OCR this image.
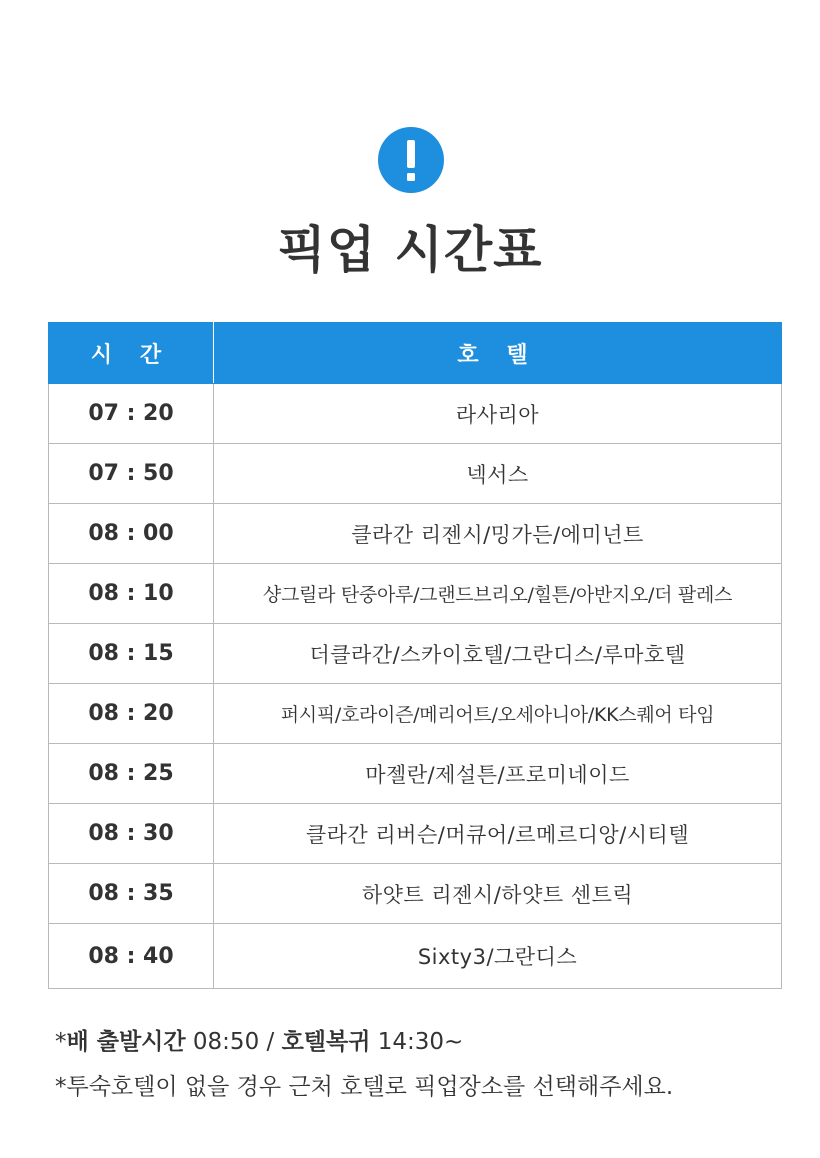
픽업 시간표
시 간	호 텔
07 : 20	라사리아
07 : 50	넥서스
08 : 00	클라간 리젠시/밍가든/에미넌트
08 : 10	샹그릴라 탄중아루/그랜드브리오/힐튼/아반지오/더 팔레스
08 : 15	더클라간/스카이호텔/그란디스/루마호텔
08 : 20	퍼시픽/호라이즌/메리어트/오세아니아/KK스퀘어 타임
08 : 25	마젤란/제설튼/프로미네이드
08 : 30	클라간 리버슨/머큐어/르메르디앙/시티텔
08 : 35	하얏트 리젠시/하얏트 센트릭
08 : 40	Sixty3/그란디스
*배 출발시간 08:50 / 호텔복귀 14:30~
*투숙호텔이 없을 경우 근처 호텔로 픽업장소를 선택해주세요.
